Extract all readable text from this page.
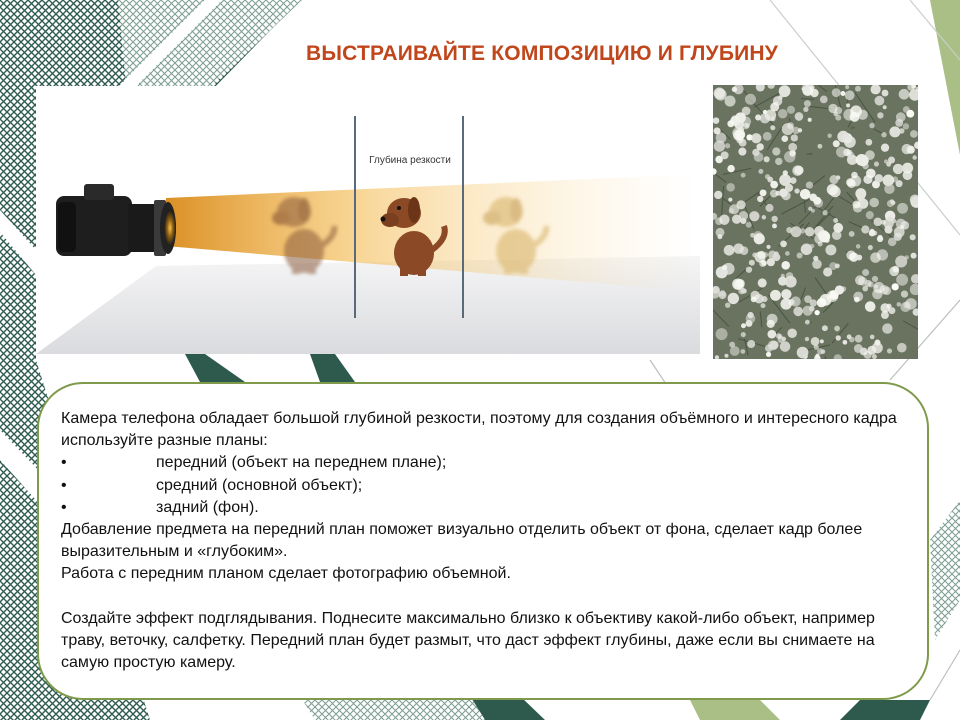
ВЫСТРАИВАЙТЕ КОМПОЗИЦИЮ И ГЛУБИНУ
Глубина резкости

Камера телефона обладает большой глубиной резкости, поэтому для создания объёмного и интересного кадра используйте разные планы:

•	передний (объект на переднем плане);
•	средний (основной объект);
•	задний (фон).

Добавление предмета на передний план поможет визуально отделить объект от фона, сделает кадр более выразительным и «глубоким».

Работа с передним планом сделает фотографию объемной.

Создайте эффект подглядывания. Поднесите максимально близко к объективу какой-либо объект, например траву, веточку, салфетку. Передний план будет размыт, что даст эффект глубины, даже если вы снимаете на самую простую камеру.
